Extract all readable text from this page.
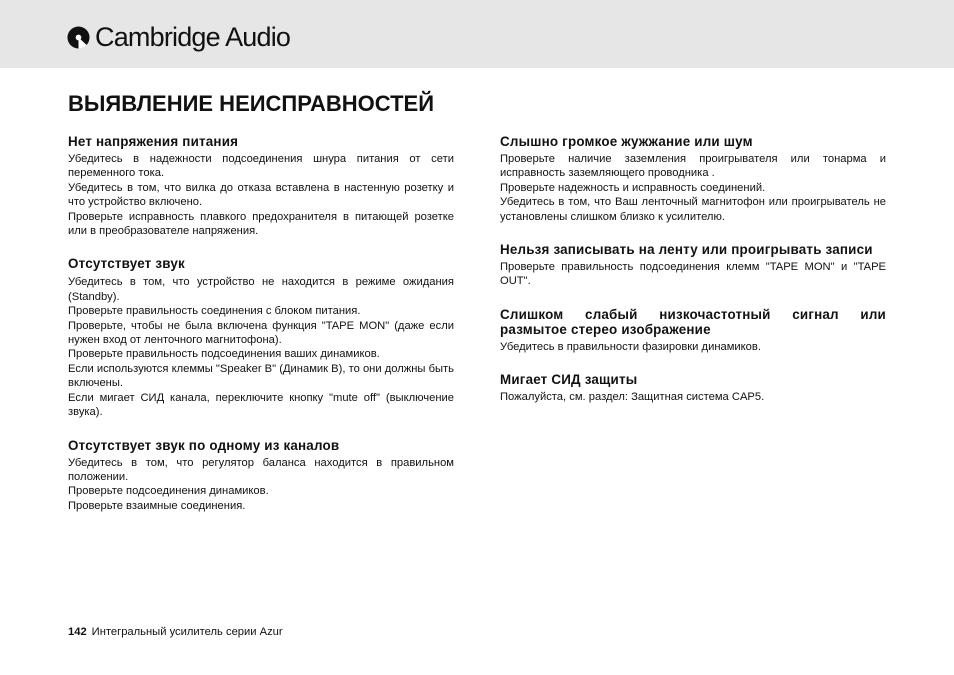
Cambridge Audio
ВЫЯВЛЕНИЕ НЕИСПРАВНОСТЕЙ
Нет напряжения питания

Убедитесь в надежности подсоединения шнура питания от сети переменного тока.

Убедитесь в том, что вилка до отказа вставлена в настенную розетку и что устройство включено.

Проверьте исправность плавкого предохранителя в питающей розетке или в преобразователе напряжения.

Отсутствует звук

Убедитесь в том, что устройство не находится в режиме ожидания (Standby).

Проверьте правильность соединения с блоком питания.

Проверьте, чтобы не была включена функция "TAPE MON" (даже если нужен вход от ленточного магнитофона).

Проверьте правильность подсоединения ваших динамиков.

Если используются клеммы "Speaker B" (Динамик B), то они должны быть включены.

Если мигает СИД канала, переключите кнопку "mute off" (выключение звука).

Отсутствует звук по одному из каналов

Убедитесь в том, что регулятор баланса находится в правильном положении.

Проверьте подсоединения динамиков.

Проверьте взаимные соединения.

Слышно громкое жужжание или шум

Проверьте наличие заземления проигрывателя или тонарма и исправность заземляющего проводника .

Проверьте надежность и исправность соединений.

Убедитесь в том, что Ваш ленточный магнитофон или проигрыватель не установлены слишком близко к усилителю.

Нельзя записывать на ленту или проигрывать записи

Проверьте правильность подсоединения клемм "TAPE MON" и "TAPE OUT".

Слишком слабый низкочастотный сигнал или размытое стерео изображение

Убедитесь в правильности фазировки динамиков.

Мигает СИД защиты

Пожалуйста, см. раздел: Защитная система CAP5.

142 Интегральный усилитель серии Azur
